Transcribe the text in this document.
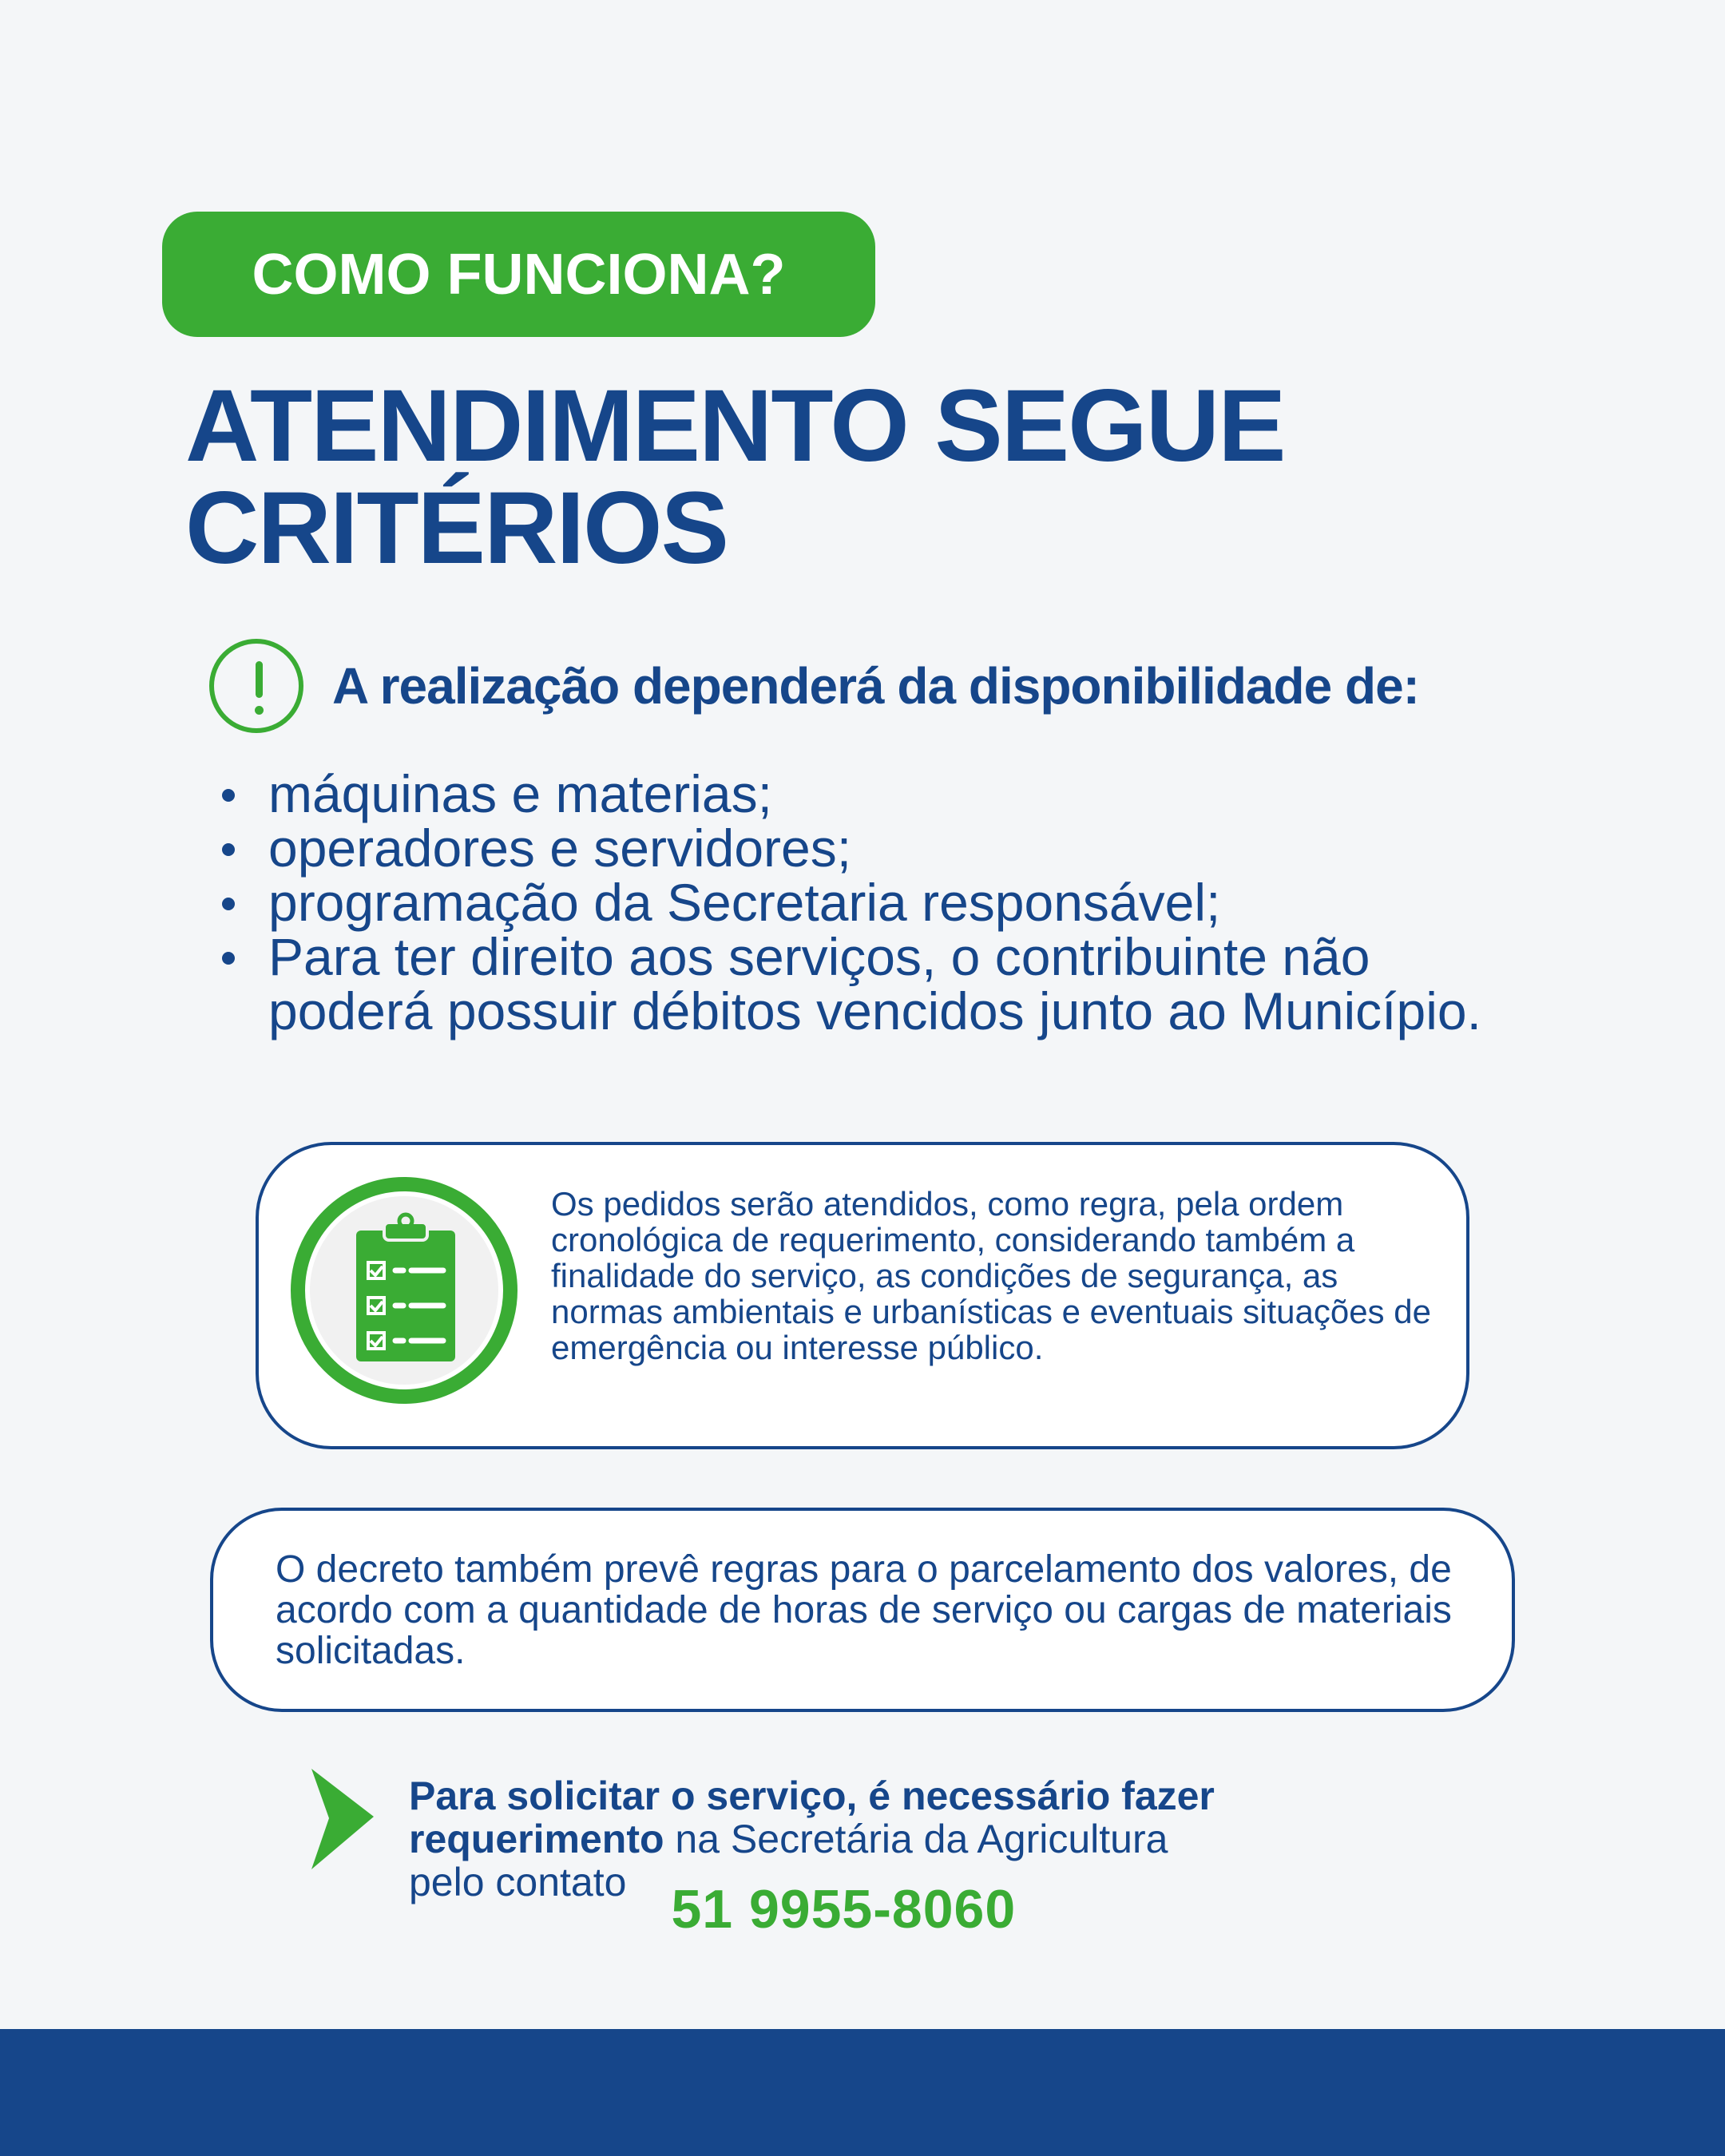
COMO FUNCIONA?
ATENDIMENTO SEGUE
CRITÉRIOS
A realização dependerá da disponibilidade de:
máquinas e materias;
operadores e servidores;
programação da Secretaria responsável;
Para ter direito aos serviços, o contribuinte não
poderá possuir débitos vencidos junto ao Município.
Os pedidos serão atendidos, como regra, pela ordem cronológica de requerimento, considerando também a finalidade do serviço, as condições de segurança, as normas ambientais e urbanísticas e eventuais situações de emergência ou interesse público.
O decreto também prevê regras para o parcelamento dos valores, de acordo com a quantidade de horas de serviço ou cargas de materiais solicitadas.
Para solicitar o serviço, é necessário fazer
requerimento na Secretária da Agricultura
pelo contato 51 9955-8060
